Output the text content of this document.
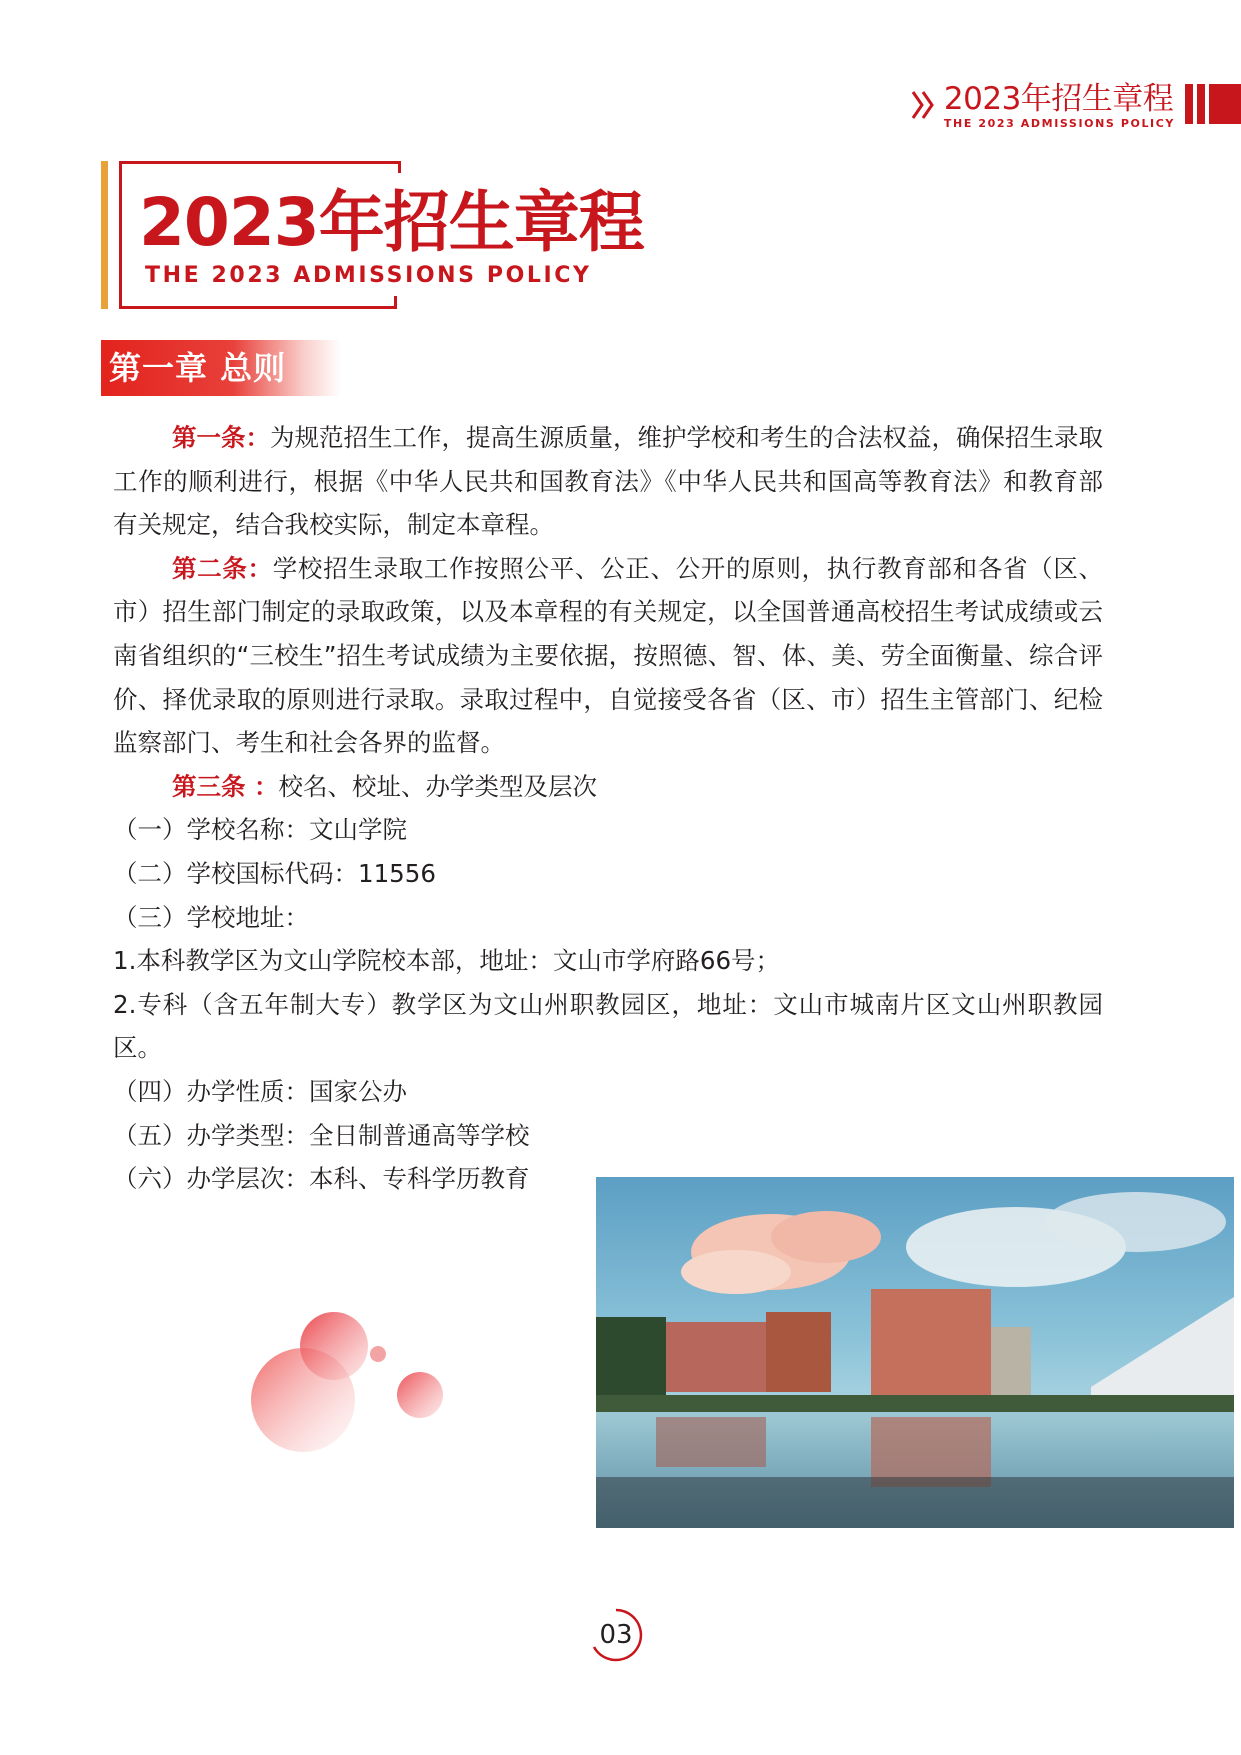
2023年招生章程
THE 2023 ADMISSIONS POLICY
2023年招生章程
THE 2023 ADMISSIONS POLICY
第一章 总则

第一条：为规范招生工作，提高生源质量，维护学校和考生的合法权益，确保招生录取工作的顺利进行，根据《中华人民共和国教育法》《中华人民共和国高等教育法》和教育部有关规定，结合我校实际，制定本章程。

第二条：学校招生录取工作按照公平、公正、公开的原则，执行教育部和各省（区、市）招生部门制定的录取政策，以及本章程的有关规定，以全国普通高校招生考试成绩或云南省组织的“三校生”招生考试成绩为主要依据，按照德、智、体、美、劳全面衡量、综合评价、择优录取的原则进行录取。录取过程中，自觉接受各省（区、市）招生主管部门、纪检监察部门、考生和社会各界的监督。

第三条 ：校名、校址、办学类型及层次

（一）学校名称：文山学院

（二）学校国标代码：11556

（三）学校地址：

1.本科教学区为文山学院校本部，地址：文山市学府路66号；

2.专科（含五年制大专）教学区为文山州职教园区，地址：文山市城南片区文山州职教园区。

（四）办学性质：国家公办

（五）办学类型：全日制普通高等学校

（六）办学层次：本科、专科学历教育

03
